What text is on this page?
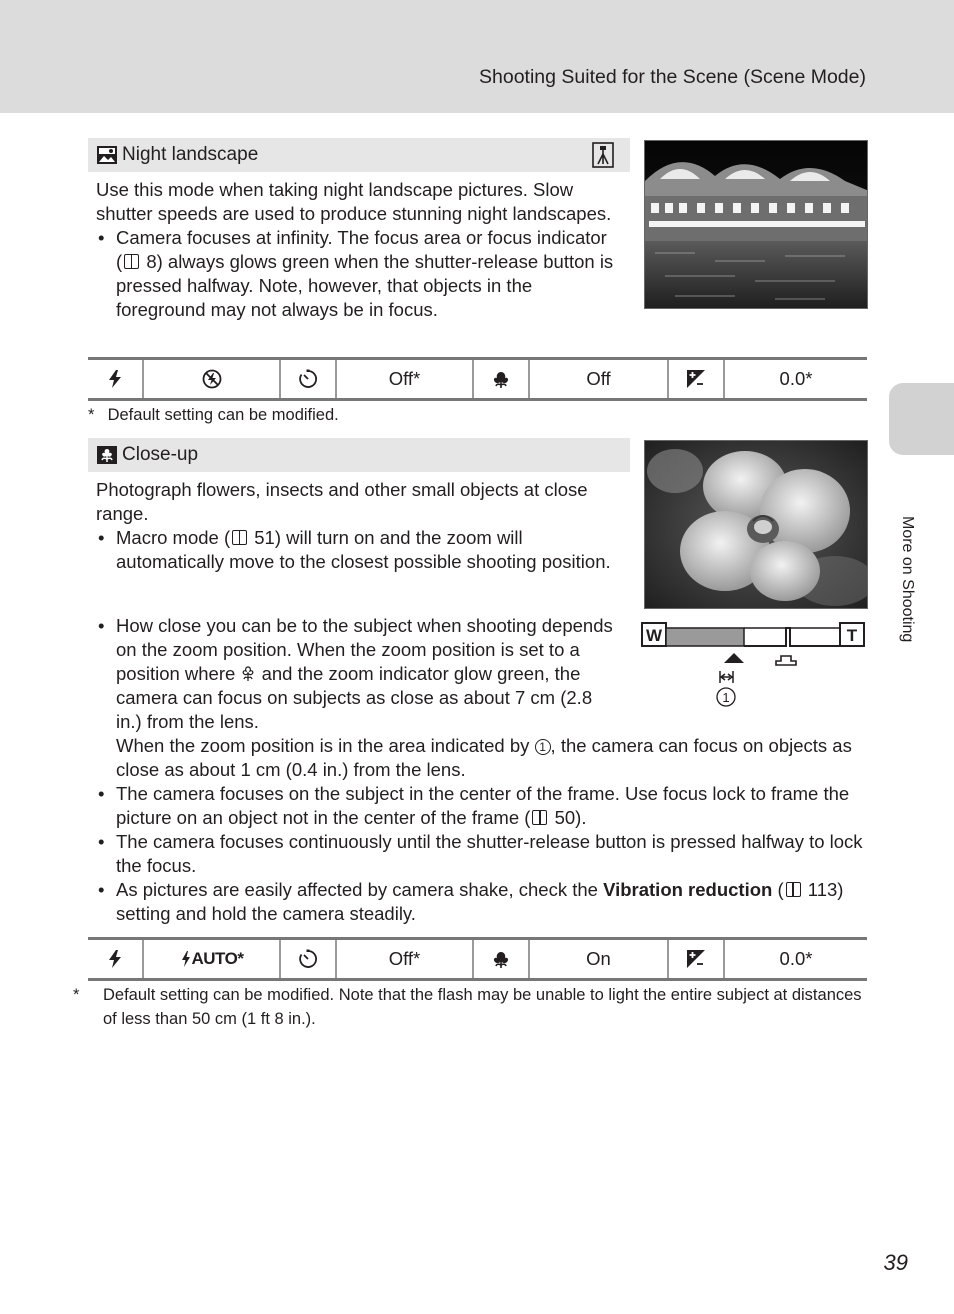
Shooting Suited for the Scene (Scene Mode)
More on Shooting
Night landscape

Use this mode when taking night landscape pictures. Slow shutter speeds are used to produce stunning night landscapes.

• Camera focuses at infinity. The focus area or focus indicator ( 8) always glows green when the shutter-release button is pressed halfway. Note, however, that objects in the foreground may not always be in focus.

Off*	Off	0.0*
* Default setting can be modified.
Close-up

Photograph flowers, insects and other small objects at close range.

• Macro mode ( 51) will turn on and the zoom will automatically move to the closest possible shooting position.

W	T
1

• How close you can be to the subject when shooting depends on the zoom position. When the zoom position is set to a position where and the zoom indicator glow green, the camera can focus on subjects as close as about 7 cm (2.8 in.) from the lens.

When the zoom position is in the area indicated by 1 , the camera can focus on objects as close as about 1 cm (0.4 in.) from the lens.

• The camera focuses on the subject in the center of the frame. Use focus lock to frame the picture on an object not in the center of the frame ( 50).

• The camera focuses continuously until the shutter-release button is pressed halfway to lock the focus.

• As pictures are easily affected by camera shake, check the Vibration reduction ( 113) setting and hold the camera steadily.

AUTO*	Off*	On	0.0*
* Default setting can be modified. Note that the flash may be unable to light the entire subject at distances of less than 50 cm (1 ft 8 in.).
39
